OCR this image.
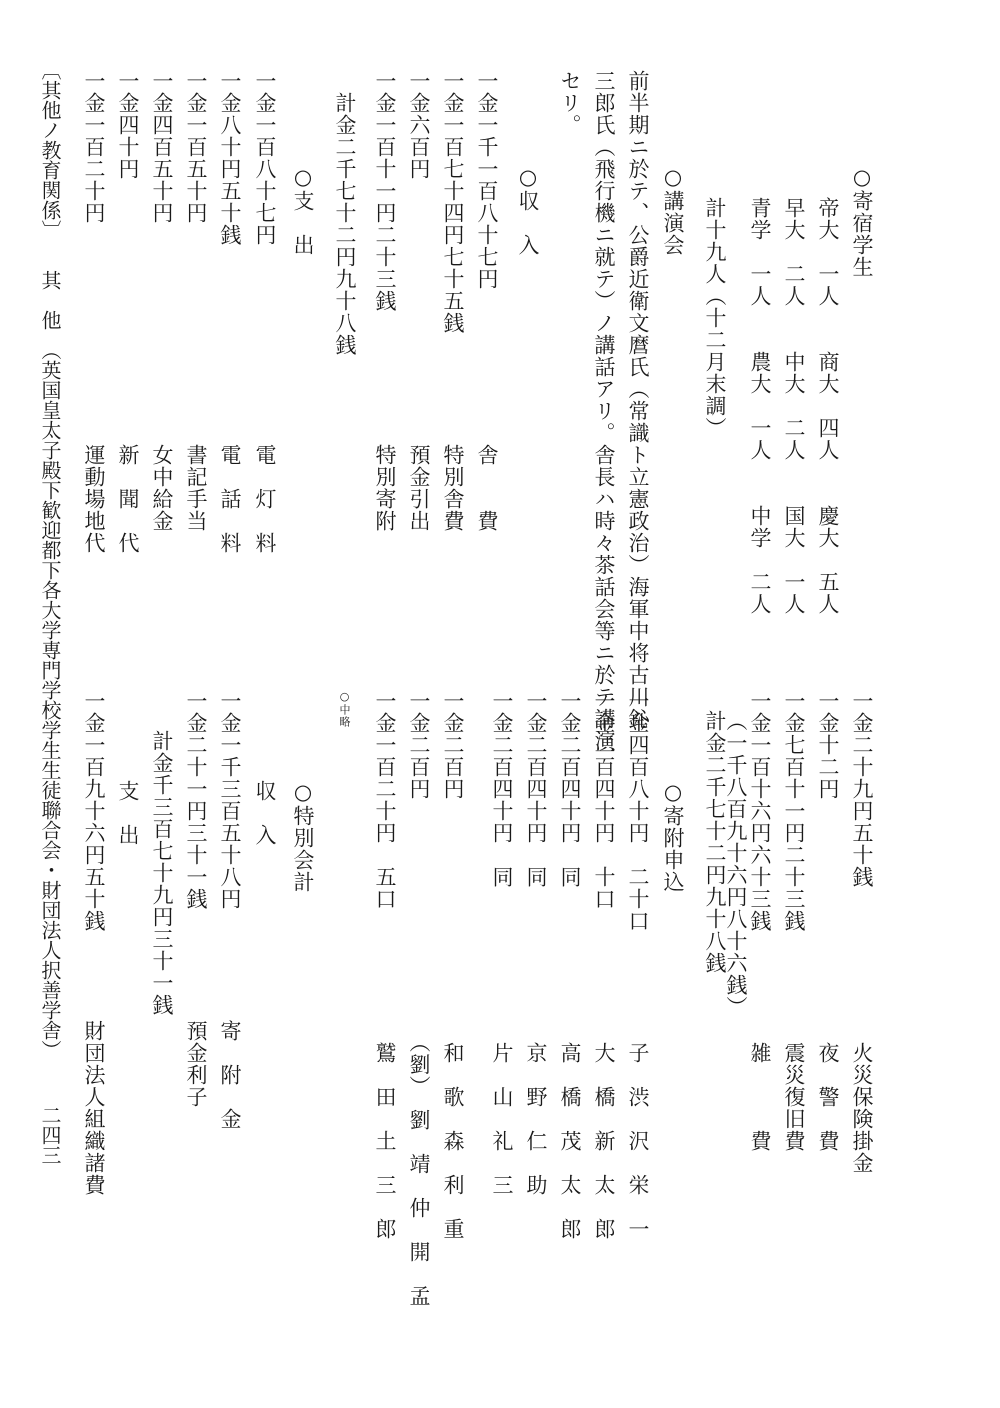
○寄宿学生
帝大　一人　　商大　四人　　慶大　五人
早大　二人　　中大　二人　　国大　一人
青学　一人　　農大　一人　　中学　二人
計十九人（十二月末調）
○講演会
前半期ニ於テ、公爵近衛文麿氏（常識ト立憲政治）海軍中将古川鈊
三郎氏（飛行機ニ就テ）ノ講話アリ。舎長ハ時々茶話会等ニ於テ講演
セリ。
○収　入
一金一千一百八十七円　　　　　　　舎　　費
一金一百七十四円七十五銭　　　　　特別舎費
一金六百円　　　　　　　　　　　　預金引出
一金一百十一円二十三銭　　　　　　特別寄附
計金二千七十二円九十八銭
○支　出
一金一百八十七円　　　　　　　　　電　灯　料
一金八十円五十銭　　　　　　　　　電　話　料
一金一百五十円　　　　　　　　　　書記手当
一金四百五十円　　　　　　　　　　女中給金
一金四十円　　　　　　　　　　　　新　聞　代
一金一百二十円　　　　　　　　　　運動場地代
一金二十九円五十銭　　　　　　　火災保険掛金
一金十二円　　　　　　　　　　　夜　警　費
一金七百十一円二十三銭　　　　　震災復旧費
一金一百十六円六十三銭　　　　　雑　　　費
（一千八百九十六円八十六銭）
計金二千七十二円九十八銭
○寄附申込
一金四百八十円　二十口　　　　　子　渋　沢　栄　一
一金二百四十円　十口　　　　　　大　橋　新　太　郎
一金二百四十円　同　　　　　　　高　橋　茂　太　郎
一金二百四十円　同　　　　　　　京　野　仁　助
一金二百四十円　同　　　　　　　片　山　礼　三
一金二百円　　　　　　　　　　　和　歌　森　利　重
一金二百円　　　　　　　　　　　（劉）　劉　靖　仲　開　孟
一金一百二十円　五口　　　　　　鷲　田　土　三　郎
○特別会計
収　入
一金一千三百五十八円　　　　　寄　附　金
一金二十一円三十一銭　　　　　預金利子
計金千三百七十九円三十一銭
支　出
一金一百九十六円五十銭　　　　財団法人組織諸費	○中略
〔其他ノ教育関係〕　　其　他　（英国皇太子殿下歓迎都下各大学専門学校学生生徒聯合会・財団法人択善学舎）
二四三
